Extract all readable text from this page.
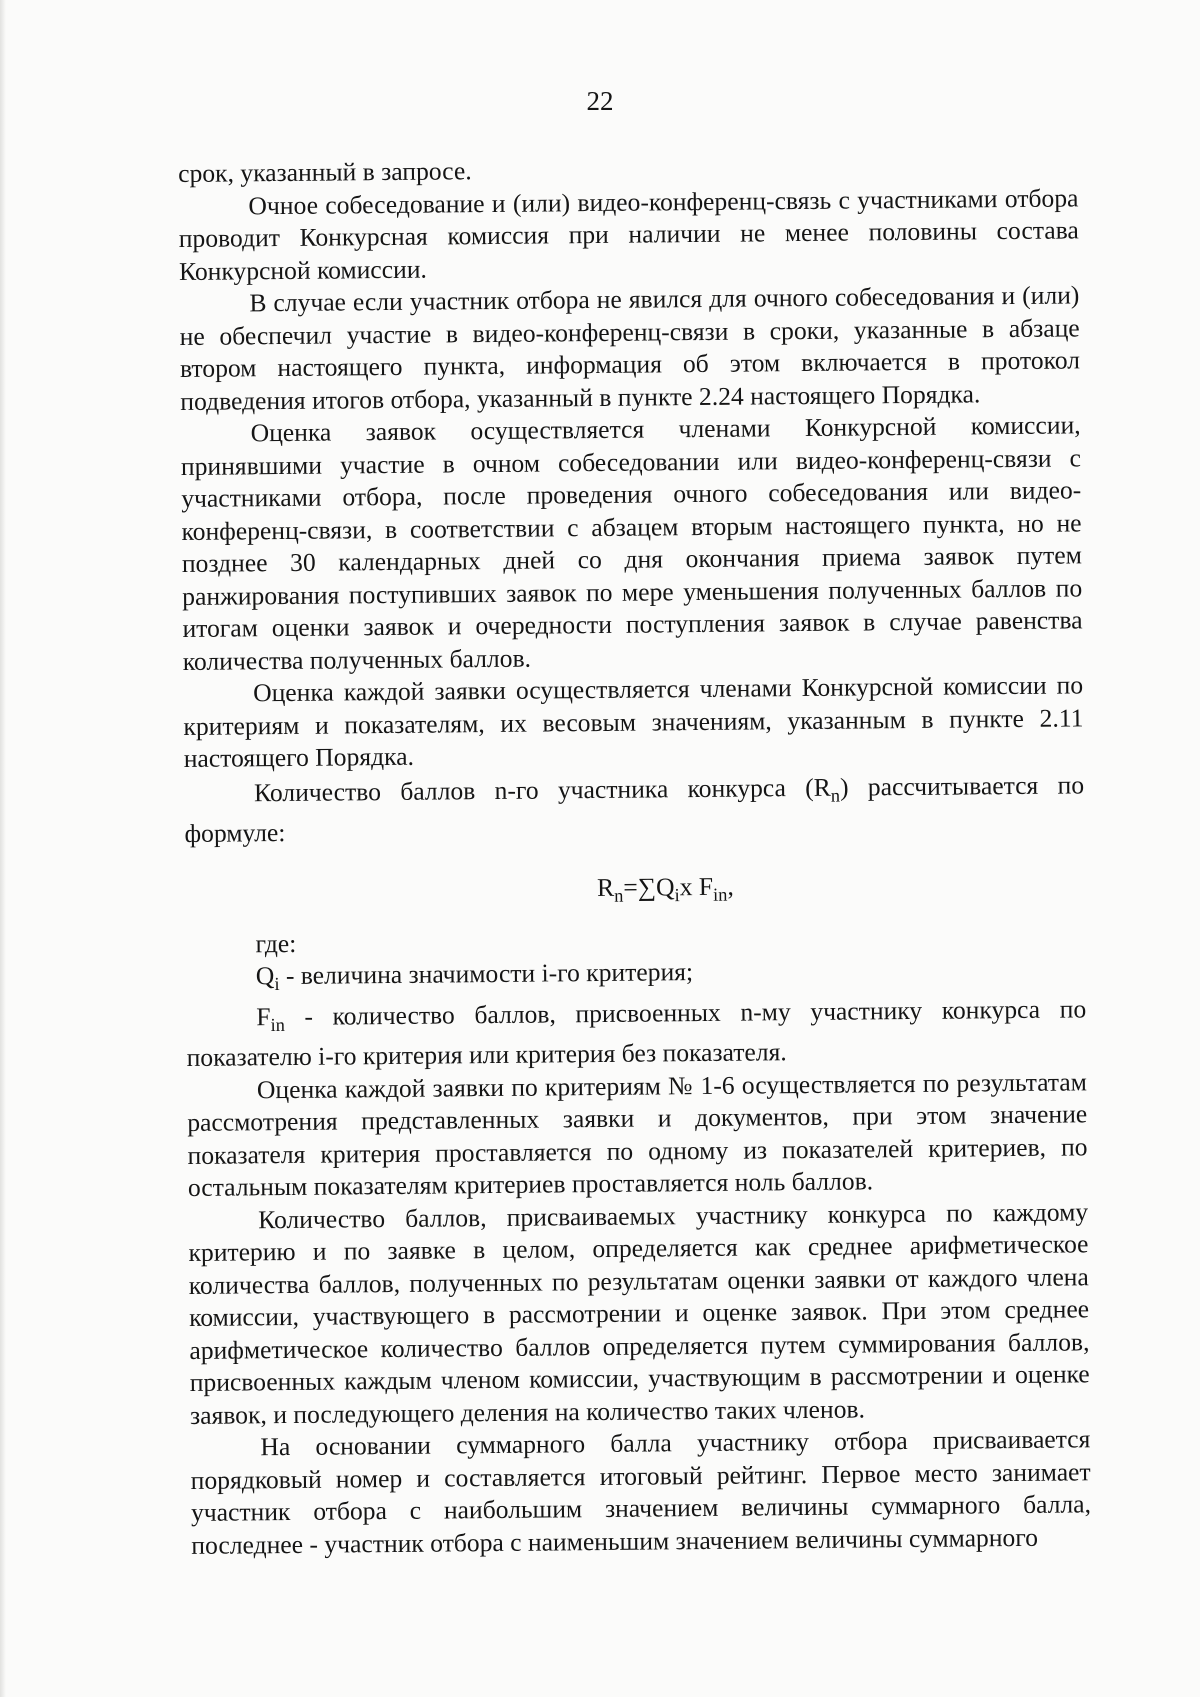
22

срок, указанный в запросе.

Очное собеседование и (или) видео-конференц-связь с участниками отбора проводит Конкурсная комиссия при наличии не менее половины состава Конкурсной комиссии.

В случае если участник отбора не явился для очного собеседования и (или) не обеспечил участие в видео-конференц-связи в сроки, указанные в абзаце втором настоящего пункта, информация об этом включается в протокол подведения итогов отбора, указанный в пункте 2.24 настоящего Порядка.

Оценка заявок осуществляется членами Конкурсной комиссии, принявшими участие в очном собеседовании или видео-конференц-связи с участниками отбора, после проведения очного собеседования или видео-конференц-связи, в соответствии с абзацем вторым настоящего пункта, но не позднее 30 календарных дней со дня окончания приема заявок путем ранжирования поступивших заявок по мере уменьшения полученных баллов по итогам оценки заявок и очередности поступления заявок в случае равенства количества полученных баллов.

Оценка каждой заявки осуществляется членами Конкурсной комиссии по критериям и показателям, их весовым значениям, указанным в пункте 2.11 настоящего Порядка.

Количество баллов n-го участника конкурса $(R_n)$ рассчитывается по формуле:

$R_n=\sum Q_ix$ $F_{in}$,

где:

$Q_i$ - величина значимости i-го критерия;

$F_{in}$ - количество баллов, присвоенных n-му участнику конкурса по показателю i-го критерия или критерия без показателя.

Оценка каждой заявки по критериям № 1-6 осуществляется по результатам рассмотрения представленных заявки и документов, при этом значение показателя критерия проставляется по одному из показателей критериев, по остальным показателям критериев проставляется ноль баллов.

Количество баллов, присваиваемых участнику конкурса по каждому критерию и по заявке в целом, определяется как среднее арифметическое количества баллов, полученных по результатам оценки заявки от каждого члена комиссии, участвующего в рассмотрении и оценке заявок. При этом среднее арифметическое количество баллов определяется путем суммирования баллов, присвоенных каждым членом комиссии, участвующим в рассмотрении и оценке заявок, и последующего деления на количество таких членов.

На основании суммарного балла участнику отбора присваивается порядковый номер и составляется итоговый рейтинг. Первое место занимает участник отбора с наибольшим значением величины суммарного балла, последнее - участник отбора с наименьшим значением величины суммарного
